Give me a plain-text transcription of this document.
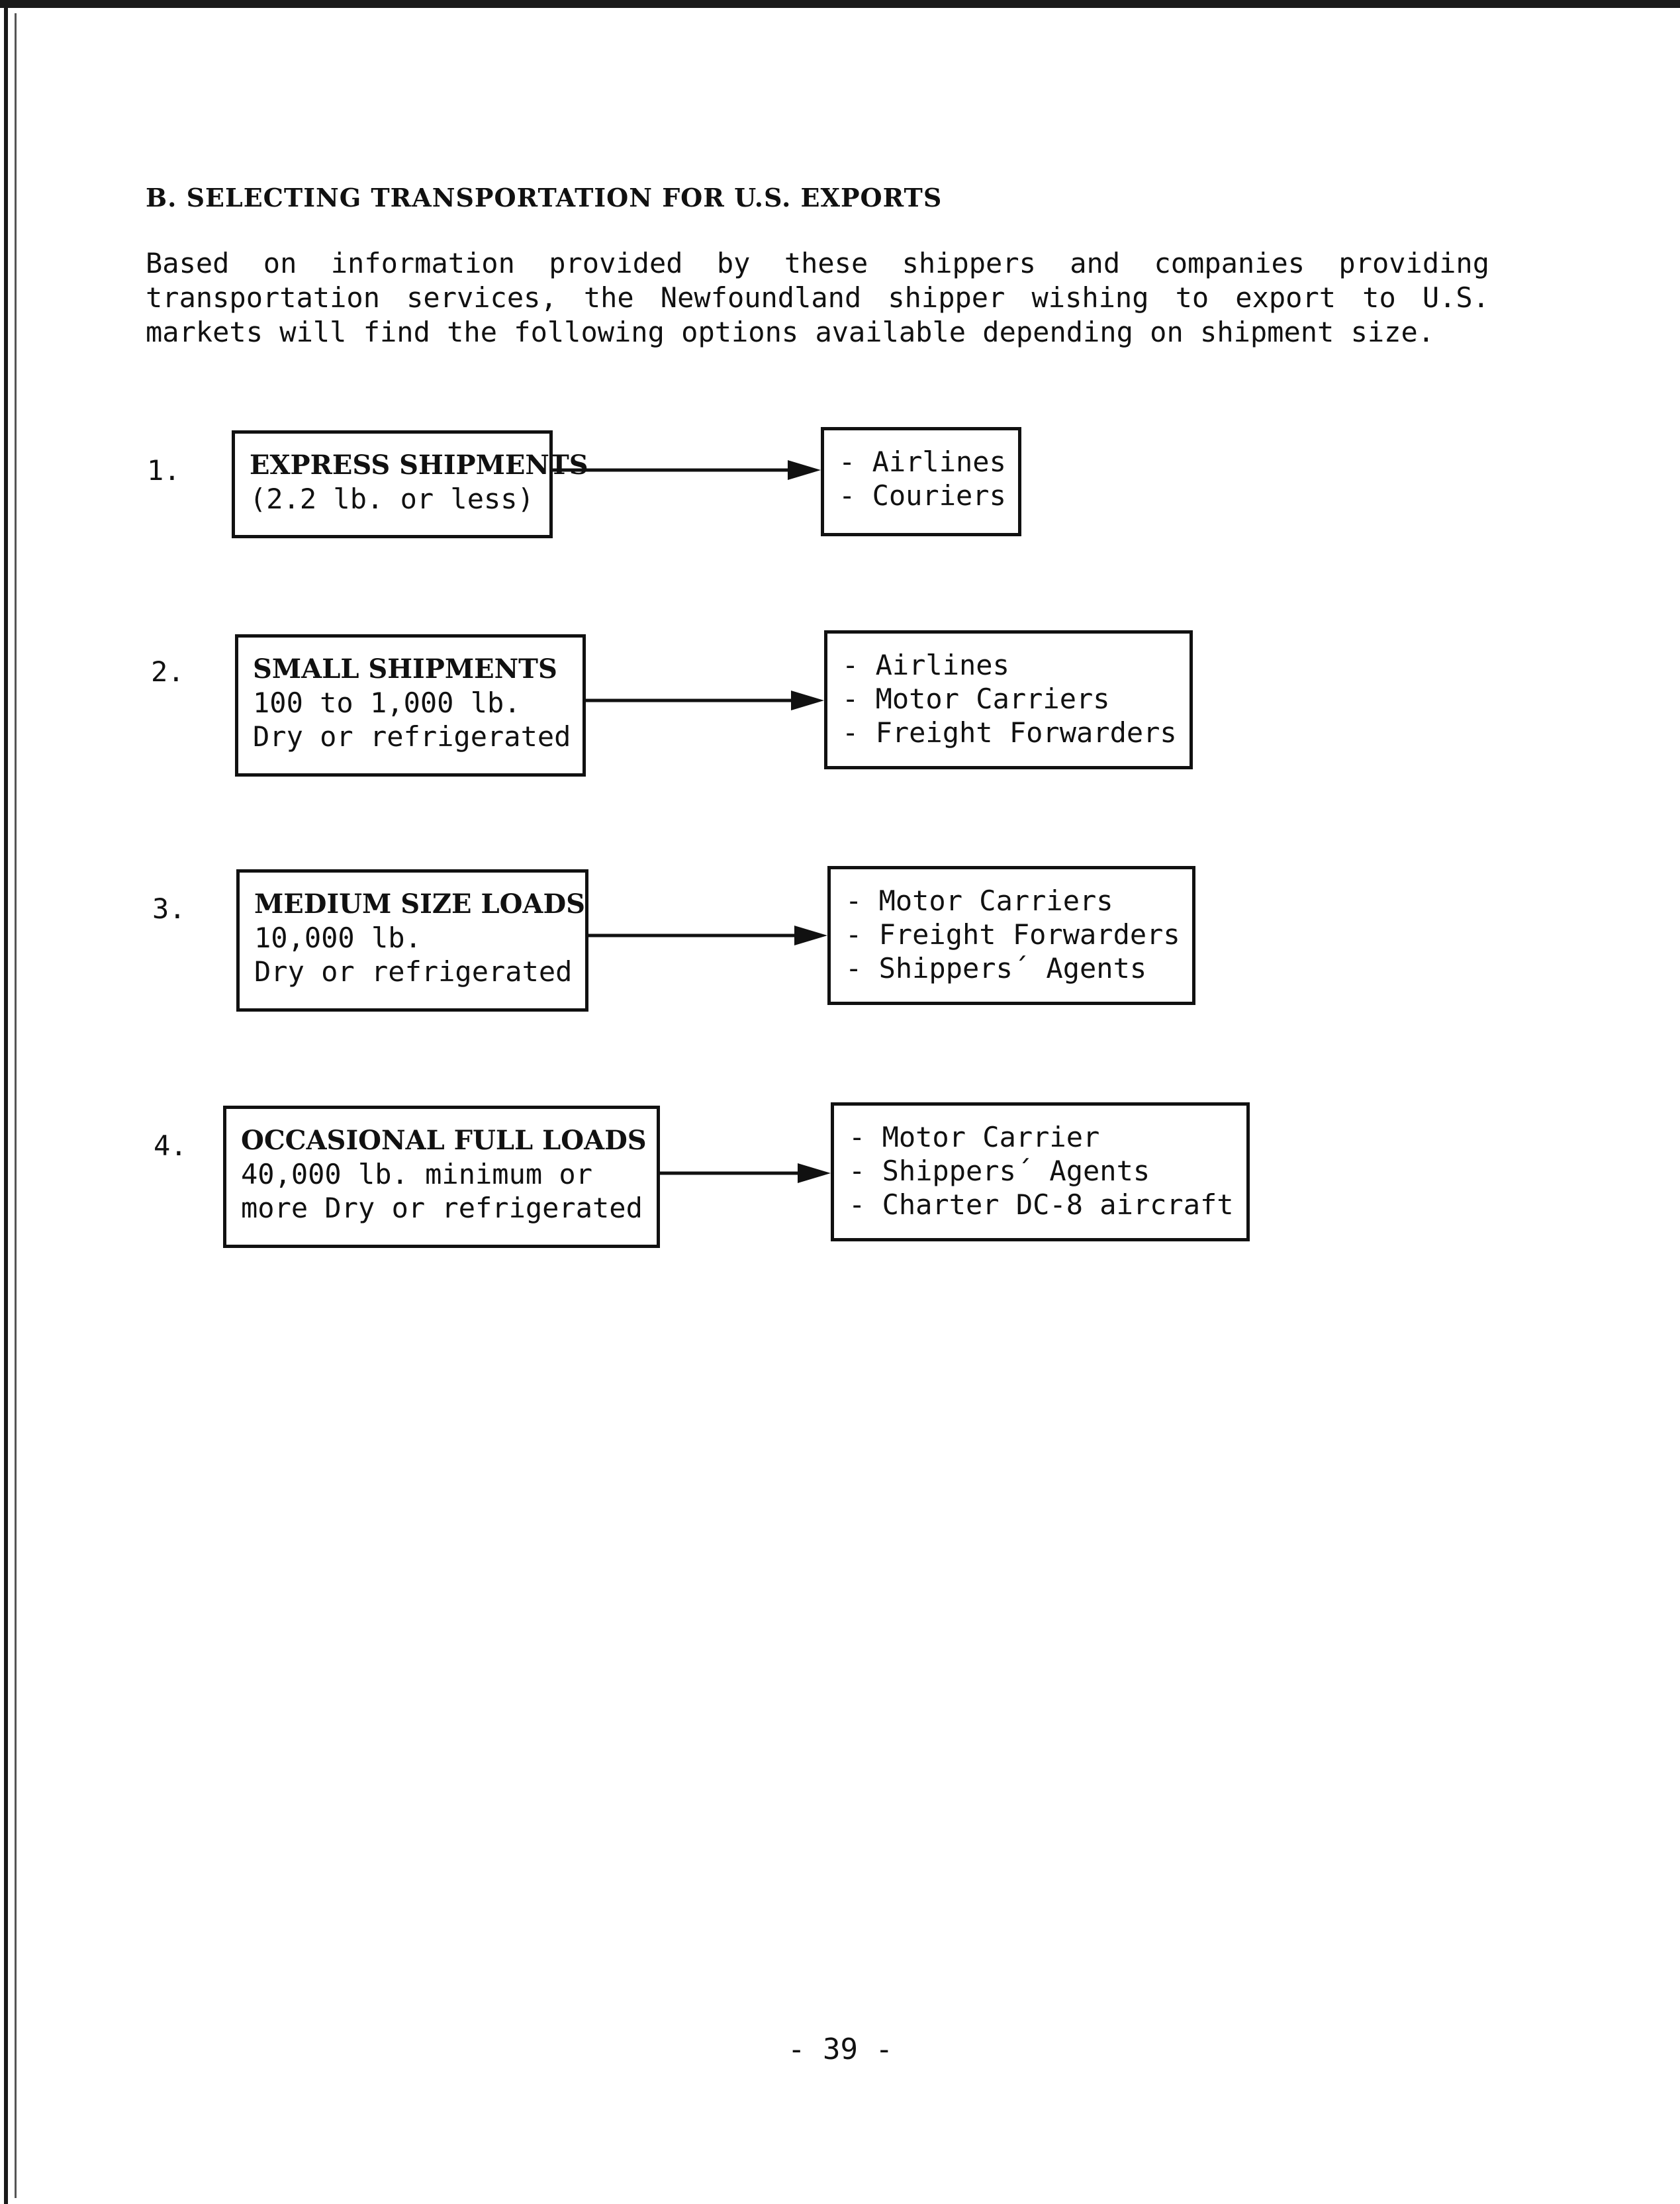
B. SELECTING TRANSPORTATION FOR U.S. EXPORTS
Based on information provided by these shippers and companies providing
transportation services, the Newfoundland shipper wishing to export to U.S.
markets will find the following options available depending on shipment size.
1.	EXPRESS SHIPMENTS
(2.2 lb. or less)
- Airlines
- Couriers
2.	SMALL SHIPMENTS
100 to 1,000 lb.
Dry or refrigerated
- Airlines
- Motor Carriers
- Freight Forwarders
3.	MEDIUM SIZE LOADS
10,000 lb.
Dry or refrigerated
- Motor Carriers
- Freight Forwarders
- Shippers´ Agents
4. OCCASIONAL FULL LOADS
40,000 lb. minimum or
more Dry or refrigerated
- Motor Carrier
- Shippers´ Agents
- Charter DC-8 aircraft
- 39 -
